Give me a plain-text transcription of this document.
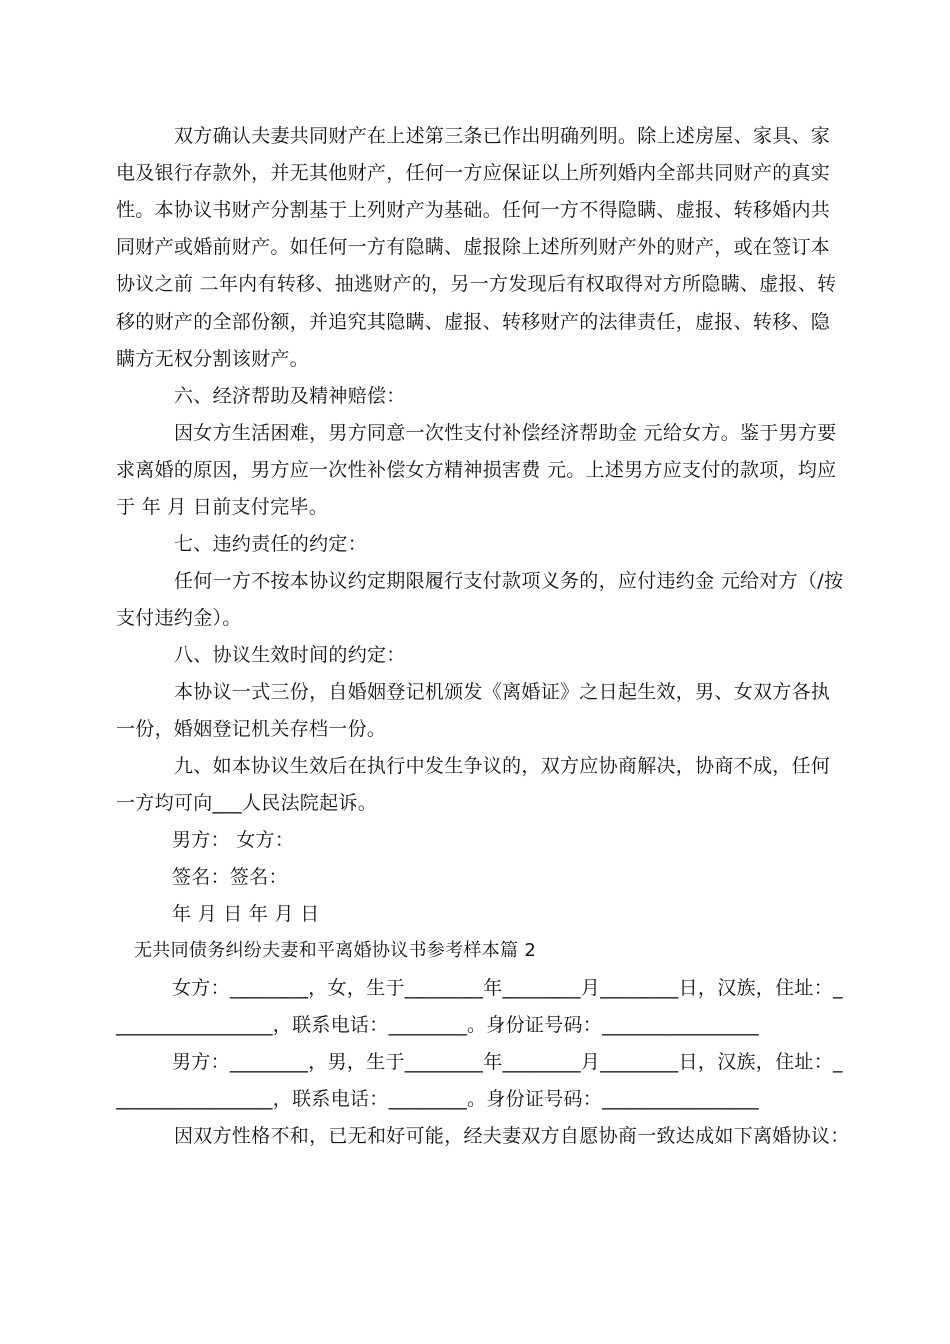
双方确认夫妻共同财产在上述第三条已作出明确列明。除上述房屋、家具、家
电及银行存款外，并无其他财产，任何一方应保证以上所列婚内全部共同财产的真实
性。本协议书财产分割基于上列财产为基础。任何一方不得隐瞒、虚报、转移婚内共
同财产或婚前财产。如任何一方有隐瞒、虚报除上述所列财产外的财产，或在签订本
协议之前 二年内有转移、抽逃财产的，另一方发现后有权取得对方所隐瞒、虚报、转
移的财产的全部份额，并追究其隐瞒、虚报、转移财产的法律责任，虚报、转移、隐
瞒方无权分割该财产。
六、经济帮助及精神赔偿：
因女方生活困难，男方同意一次性支付补偿经济帮助金 元给女方。鉴于男方要
求离婚的原因，男方应一次性补偿女方精神损害费 元。上述男方应支付的款项，均应
于 年 月 日前支付完毕。
七、违约责任的约定：
任何一方不按本协议约定期限履行支付款项义务的，应付违约金 元给对方（/按
支付违约金）。
八、协议生效时间的约定：
本协议一式三份，自婚姻登记机颁发《离婚证》之日起生效，男、女双方各执
一份，婚姻登记机关存档一份。
九、如本协议生效后在执行中发生争议的，双方应协商解决，协商不成，任何
一方均可向___人民法院起诉。
男方： 女方：
签名：签名：
年 月 日 年 月 日
无共同债务纠纷夫妻和平离婚协议书参考样本篇 2
女方：________，女，生于________年________月________日，汉族，住址：_
________________，联系电话：________。身份证号码：________________
男方：________，男，生于________年________月________日，汉族，住址：_
________________，联系电话：________。身份证号码：________________
因双方性格不和，已无和好可能，经夫妻双方自愿协商一致达成如下离婚协议：
